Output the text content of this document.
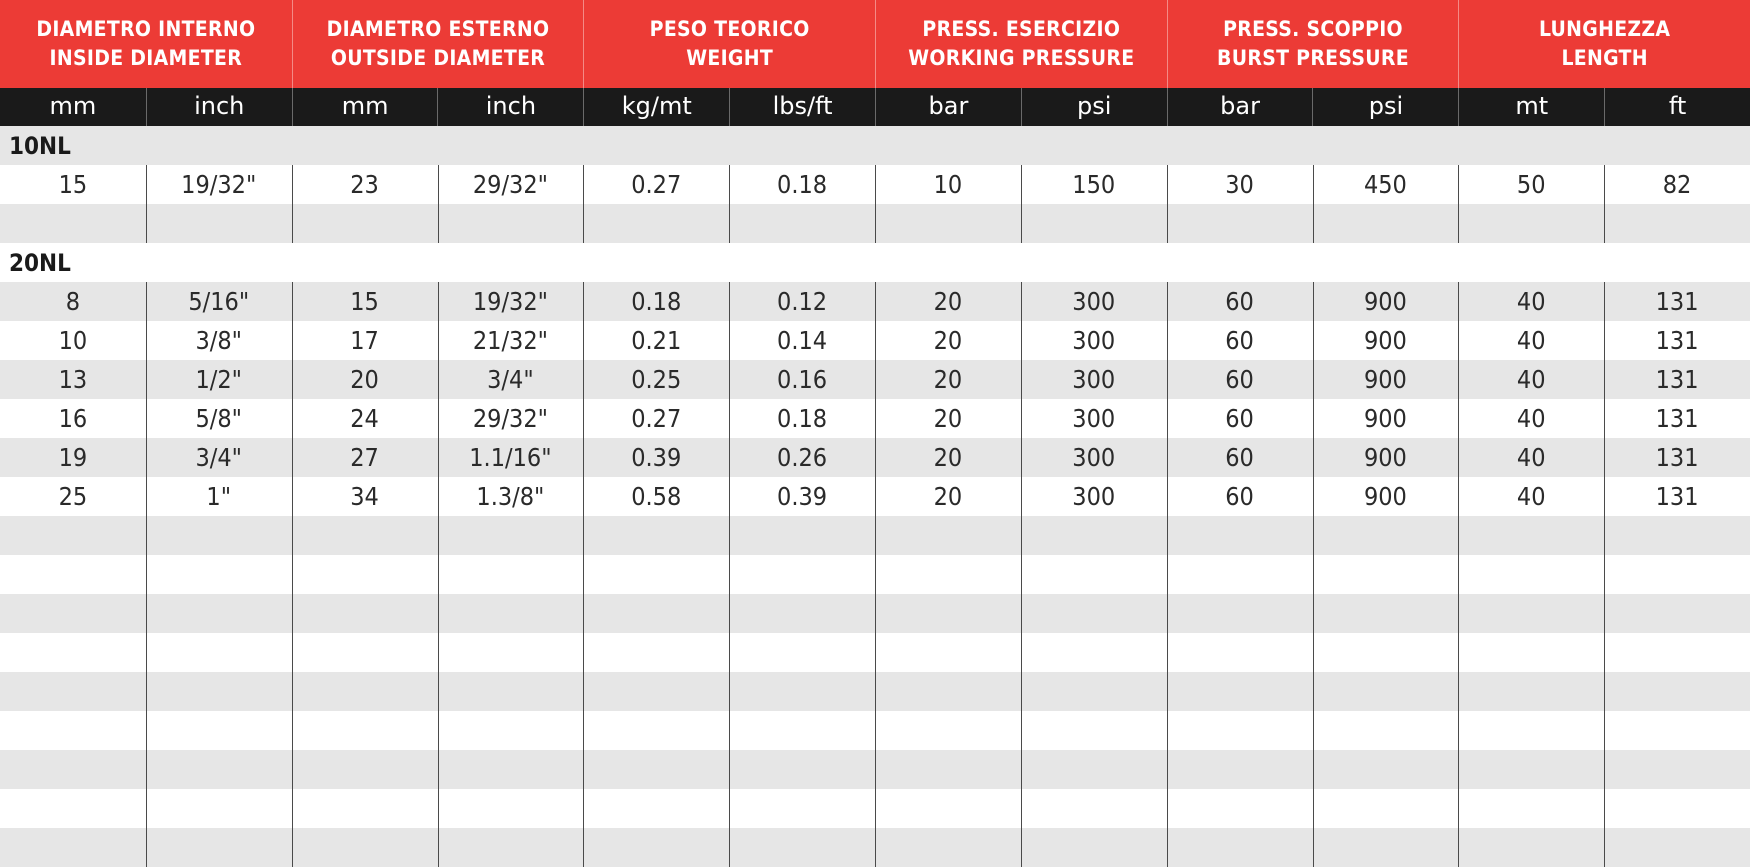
DIAMETRO INTERNO
INSIDE DIAMETER
DIAMETRO ESTERNO
OUTSIDE DIAMETER
PESO TEORICO
WEIGHT
PRESS. ESERCIZIO
WORKING PRESSURE
PRESS. SCOPPIO
BURST PRESSURE
LUNGHEZZA
LENGTH
mm	inch	mm	inch	kg/mt	lbs/ft	bar	psi	bar	psi	mt	ft
10NL
15	19/32"	23	29/32"	0.27	0.18	10	150	30	450	50	82
20NL
8	5/16"	15	19/32"	0.18	0.12	20	300	60	900	40	131
10	3/8"	17	21/32"	0.21	0.14	20	300	60	900	40	131
13	1/2"	20	3/4"	0.25	0.16	20	300	60	900	40	131
16	5/8"	24	29/32"	0.27	0.18	20	300	60	900	40	131
19	3/4"	27	1.1/16"	0.39	0.26	20	300	60	900	40	131
25	1"	34	1.3/8"	0.58	0.39	20	300	60	900	40	131
